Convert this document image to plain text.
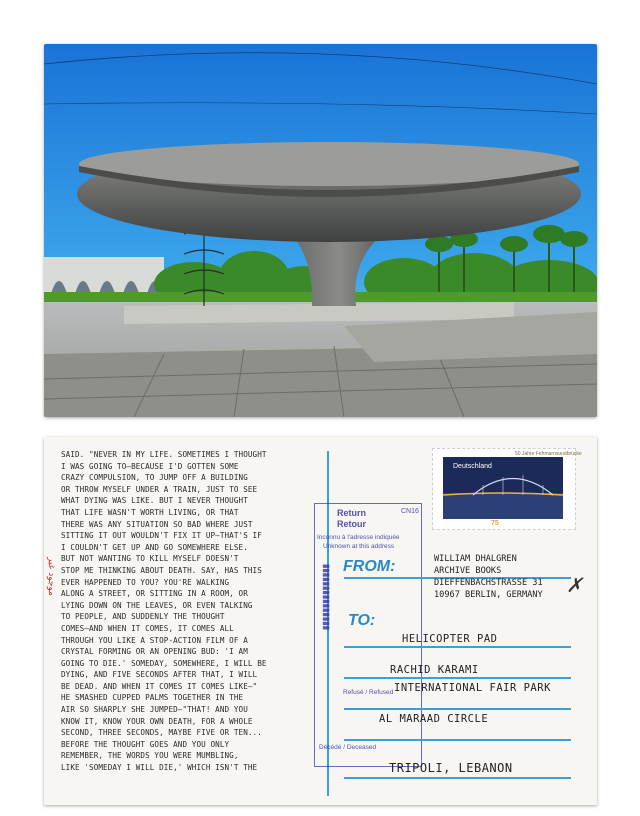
ﻣﻮﺟﻮﺩ ﻏﻴﺮ
SAID. "NEVER IN MY LIFE. SOMETIMES I THOUGHT
I WAS GOING TO—BECAUSE I'D GOTTEN SOME
CRAZY COMPULSION, TO JUMP OFF A BUILDING
OR THROW MYSELF UNDER A TRAIN, JUST TO SEE
WHAT DYING WAS LIKE. BUT I NEVER THOUGHT
THAT LIFE WASN'T WORTH LIVING, OR THAT
THERE WAS ANY SITUATION SO BAD WHERE JUST
SITTING IT OUT WOULDN'T FIX IT UP—THAT'S IF
I COULDN'T GET UP AND GO SOMEWHERE ELSE.
BUT NOT WANTING TO KILL MYSELF DOESN'T
STOP ME THINKING ABOUT DEATH. SAY, HAS THIS
EVER HAPPENED TO YOU? YOU'RE WALKING
ALONG A STREET, OR SITTING IN A ROOM, OR
LYING DOWN ON THE LEAVES, OR EVEN TALKING
TO PEOPLE, AND SUDDENLY THE THOUGHT
COMES—AND WHEN IT COMES, IT COMES ALL
THROUGH YOU LIKE A STOP-ACTION FILM OF A
CRYSTAL FORMING OR AN OPENING BUD: 'I AM
GOING TO DIE.' SOMEDAY, SOMEWHERE, I WILL BE
DYING, AND FIVE SECONDS AFTER THAT, I WILL
BE DEAD. AND WHEN IT COMES IT COMES LIKE—"
HE SMASHED CUPPED PALMS TOGETHER IN THE
AIR SO SHARPLY SHE JUMPED—"THAT! AND YOU
KNOW IT, KNOW YOUR OWN DEATH, FOR A WHOLE
SECOND, THREE SECONDS, MAYBE FIVE OR TEN...
BEFORE THE THOUGHT GOES AND YOU ONLY
REMEMBER, THE WORDS YOU WERE MUMBLING,
LIKE 'SOMEDAY I WILL DIE,' WHICH ISN'T THE
Return
Retour
CN16
Inconnu à l'adresse indiquée
Unknown at this address
Refusé / Refused
Décédé / Deceased
▮▮▮▮▮▮▮▮▮▮▮▮▮▮▮ FROM:
TO:
WILLIAM DHALGREN
ARCHIVE BOOKS
DIEFFENBACHSTRASSE 31
10967 BERLIN, GERMANY
HELICOPTER PAD
RACHID KARAMI
INTERNATIONAL FAIR PARK
AL MARAAD CIRCLE
TRIPOLI, LEBANON
✗
50 Jahre Fehmarnsundbrücke
Deutschland
75
